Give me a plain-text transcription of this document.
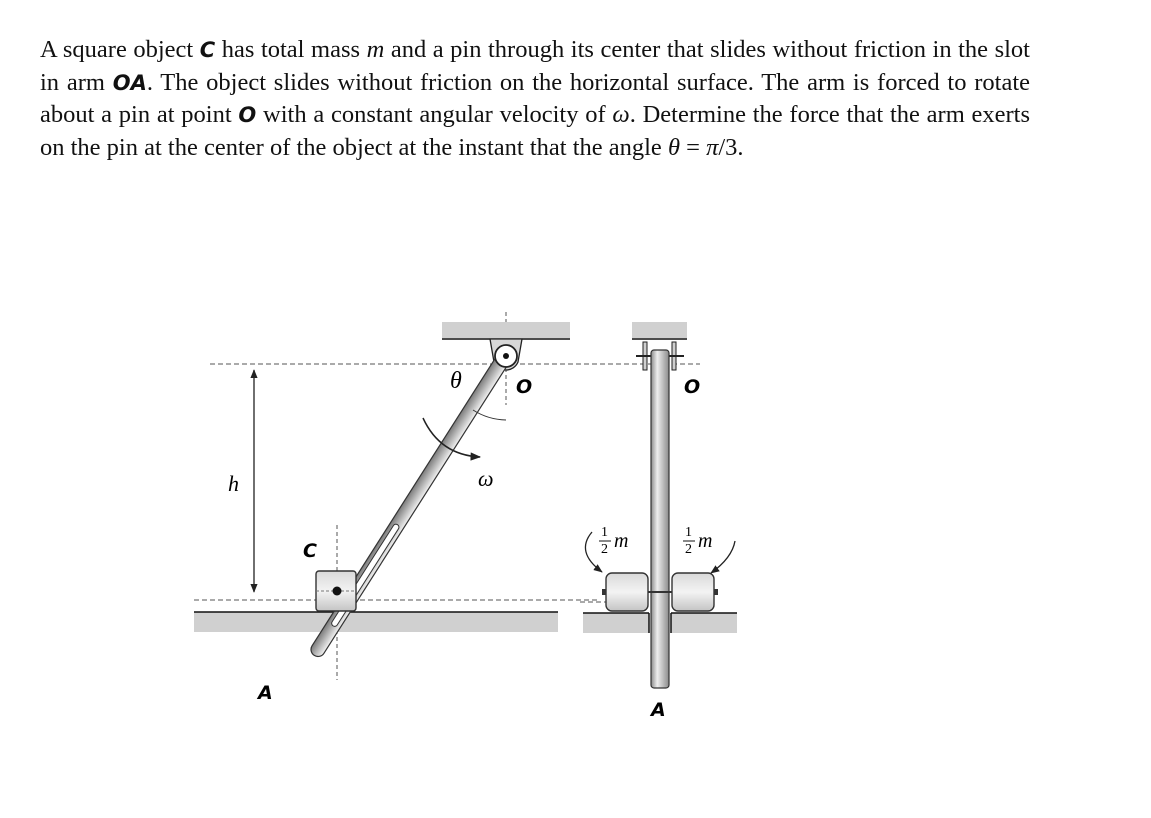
A square object C has total mass m and a pin through its center that slides without friction in the slot in arm OA. The object slides without friction on the horizontal surface. The arm is forced to rotate about a pin at point O with a constant angular velocity of ω. Determine the force that the arm exerts on the pin at the center of the object at the instant that the angle θ = π/3.

θ	O
ω
h
C
A
1
2 m	1
2 m
O
A
